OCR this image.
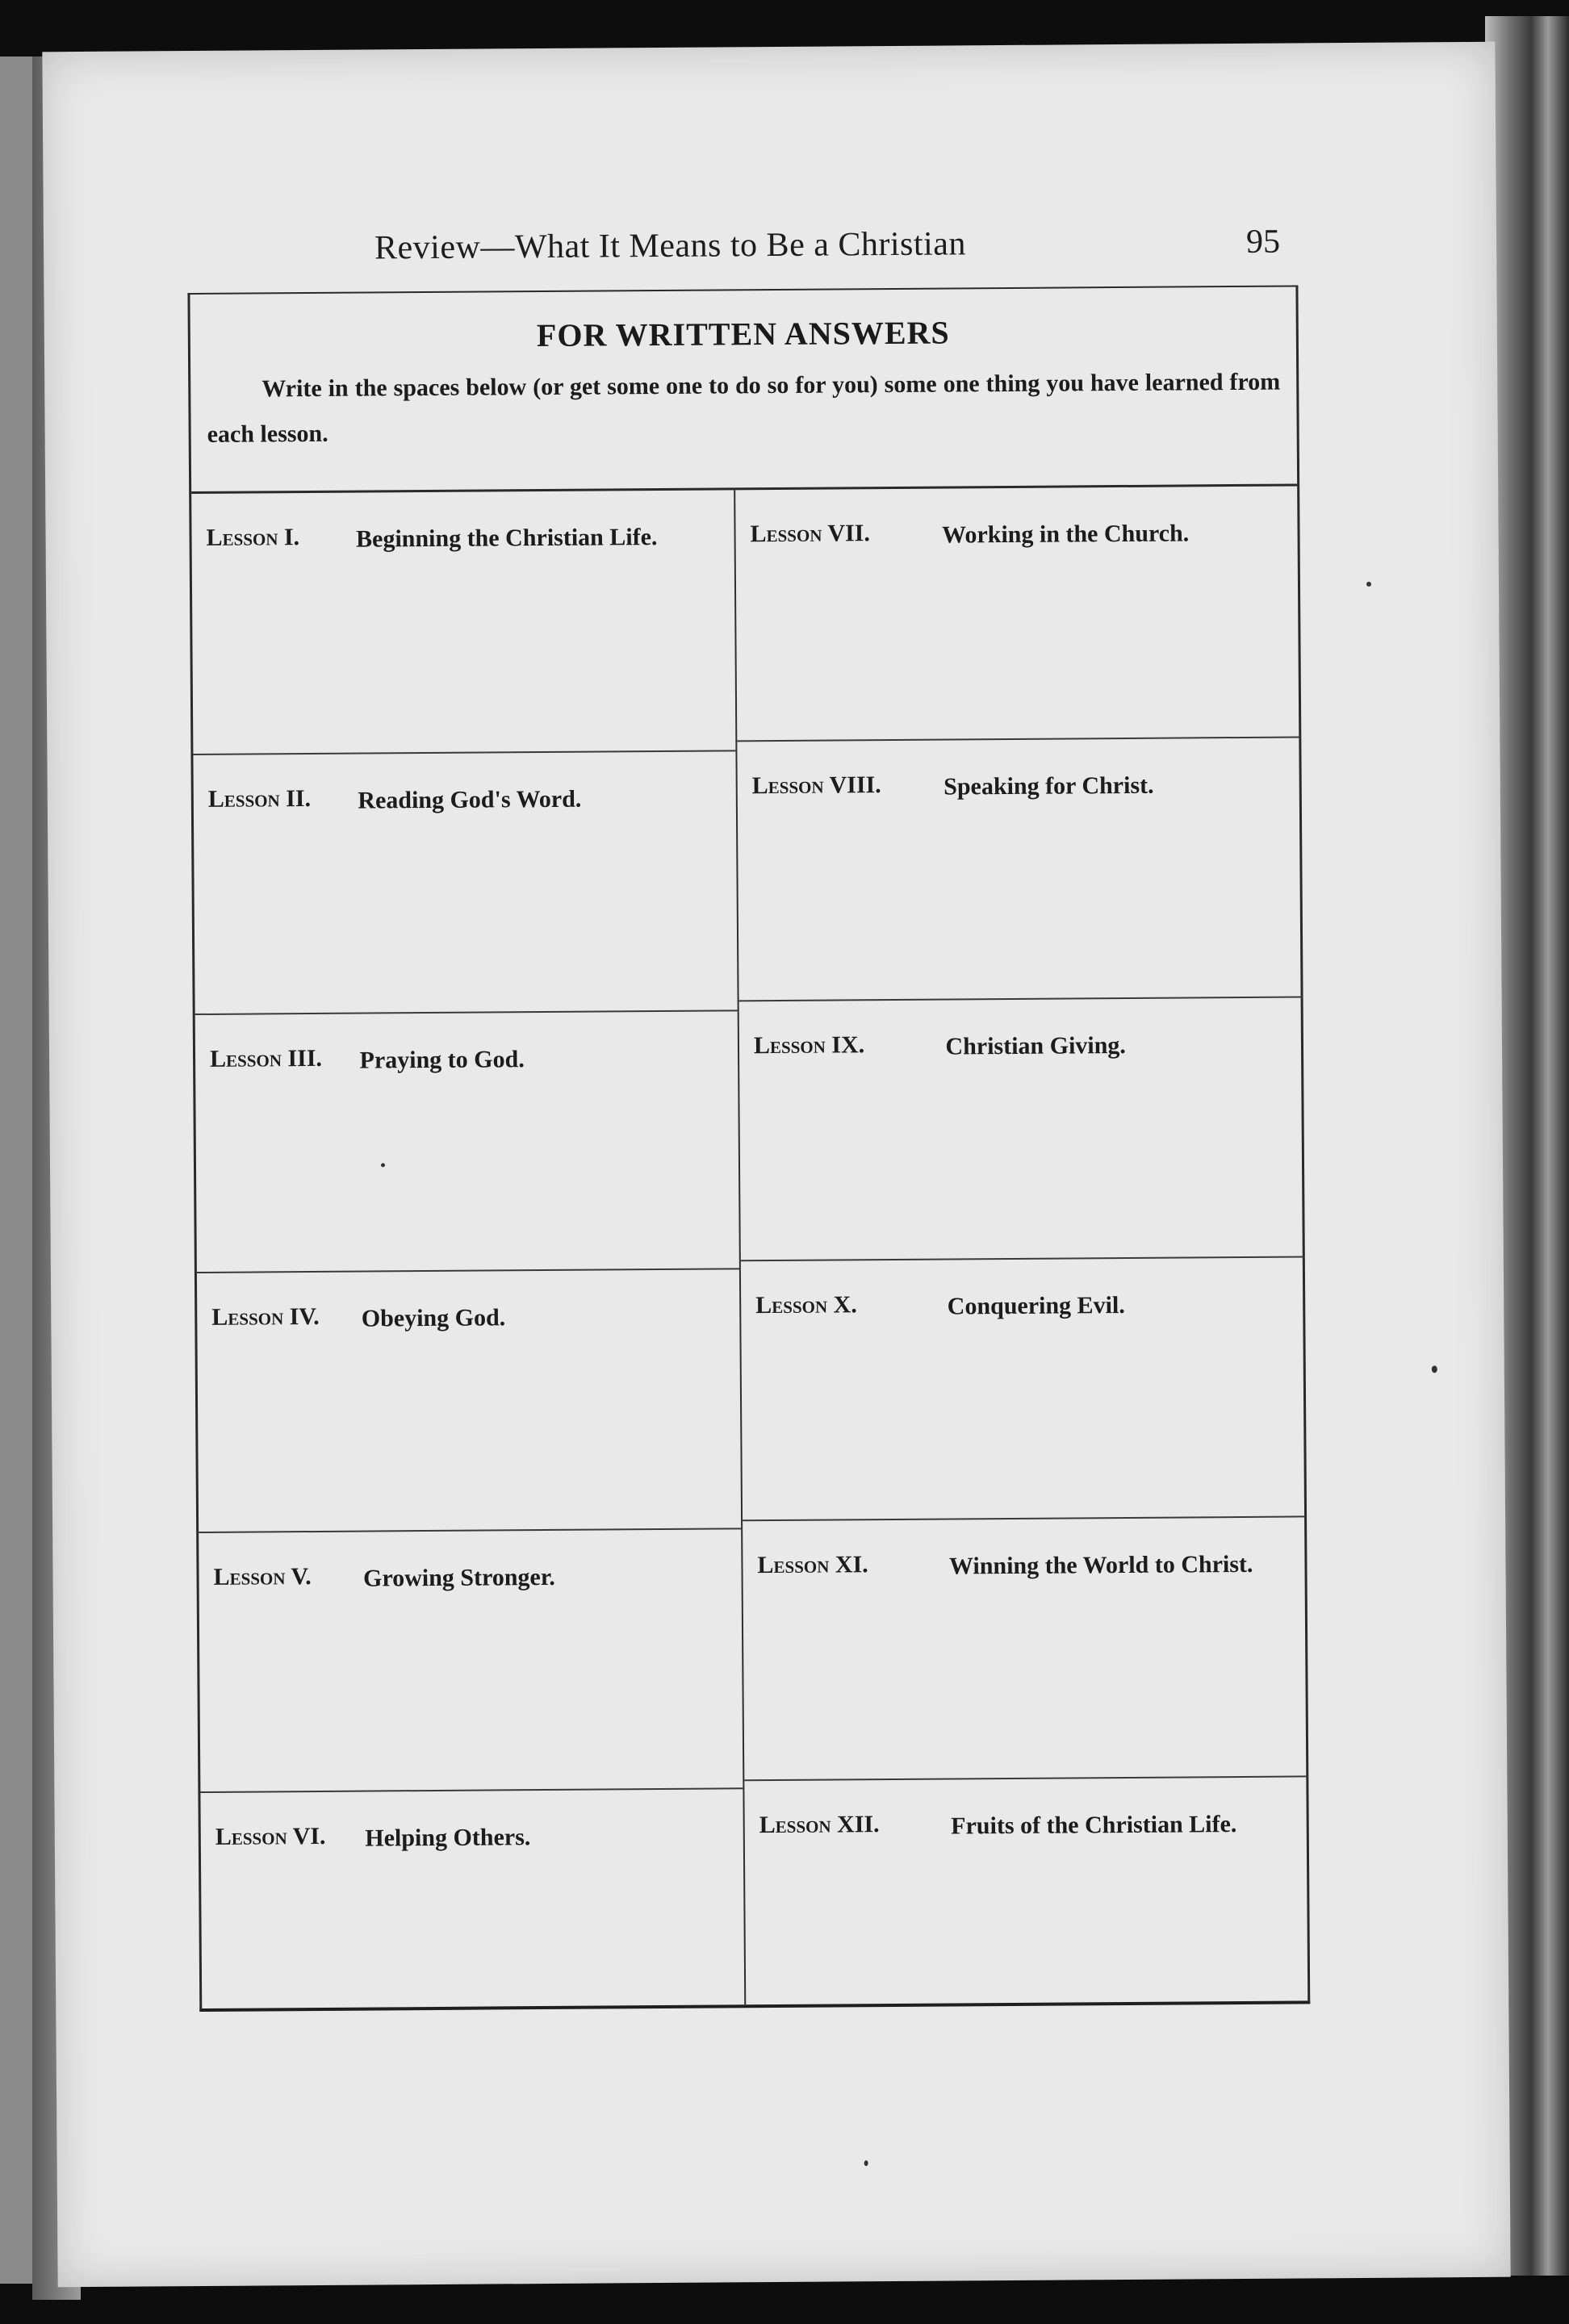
Review—What It Means to Be a Christian	95
FOR WRITTEN ANSWERS
Write in the spaces below (or get some one to do so for you) some one thing you have learned from each lesson.
Lesson I. Beginning the Christian Life.
Lesson II. Reading God's Word.
Lesson III. Praying to God.
Lesson IV. Obeying God.
Lesson V. Growing Stronger.
Lesson VI. Helping Others.
Lesson VII.	Working in the Church.
Lesson VIII.	Speaking for Christ.
Lesson IX.	Christian Giving.
Lesson X.	Conquering Evil.
Lesson XI.	Winning the World to Christ.
Lesson XII.	Fruits of the Christian Life.
